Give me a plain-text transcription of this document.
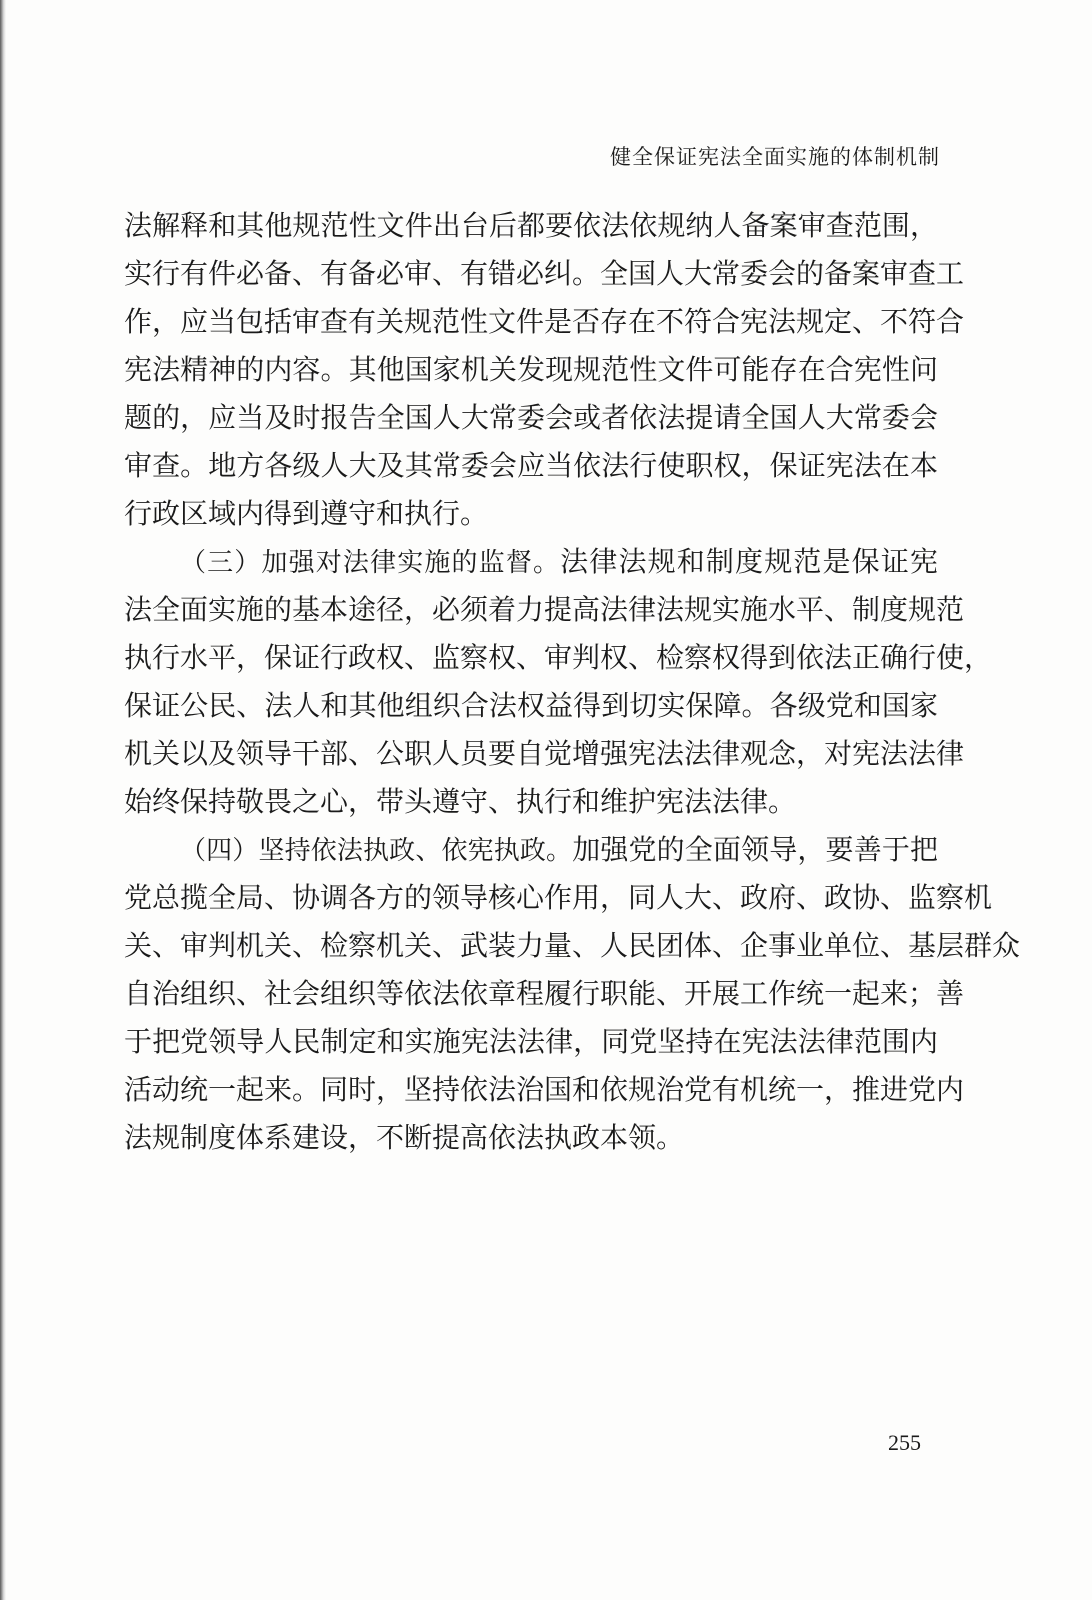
健全保证宪法全面实施的体制机制
法解释和其他规范性文件出台后都要依法依规纳人备案审查范围，
实行有件必备、有备必审、有错必纠。全国人大常委会的备案审查工
作，应当包括审查有关规范性文件是否存在不符合宪法规定、不符合
宪法精神的内容。其他国家机关发现规范性文件可能存在合宪性问
题的，应当及时报告全国人大常委会或者依法提请全国人大常委会
审查。地方各级人大及其常委会应当依法行使职权，保证宪法在本
行政区域内得到遵守和执行。
（三）加强对法律实施的监督。法律法规和制度规范是保证宪
法全面实施的基本途径，必须着力提高法律法规实施水平、制度规范
执行水平，保证行政权、监察权、审判权、检察权得到依法正确行使，
保证公民、法人和其他组织合法权益得到切实保障。各级党和国家
机关以及领导干部、公职人员要自觉增强宪法法律观念，对宪法法律
始终保持敬畏之心，带头遵守、执行和维护宪法法律。
（四）坚持依法执政、依宪执政。加强党的全面领导，要善于把
党总揽全局、协调各方的领导核心作用，同人大、政府、政协、监察机
关、审判机关、检察机关、武装力量、人民团体、企事业单位、基层群众
自治组织、社会组织等依法依章程履行职能、开展工作统一起来；善
于把党领导人民制定和实施宪法法律，同党坚持在宪法法律范围内
活动统一起来。同时，坚持依法治国和依规治党有机统一，推进党内
法规制度体系建设，不断提高依法执政本领。
255
